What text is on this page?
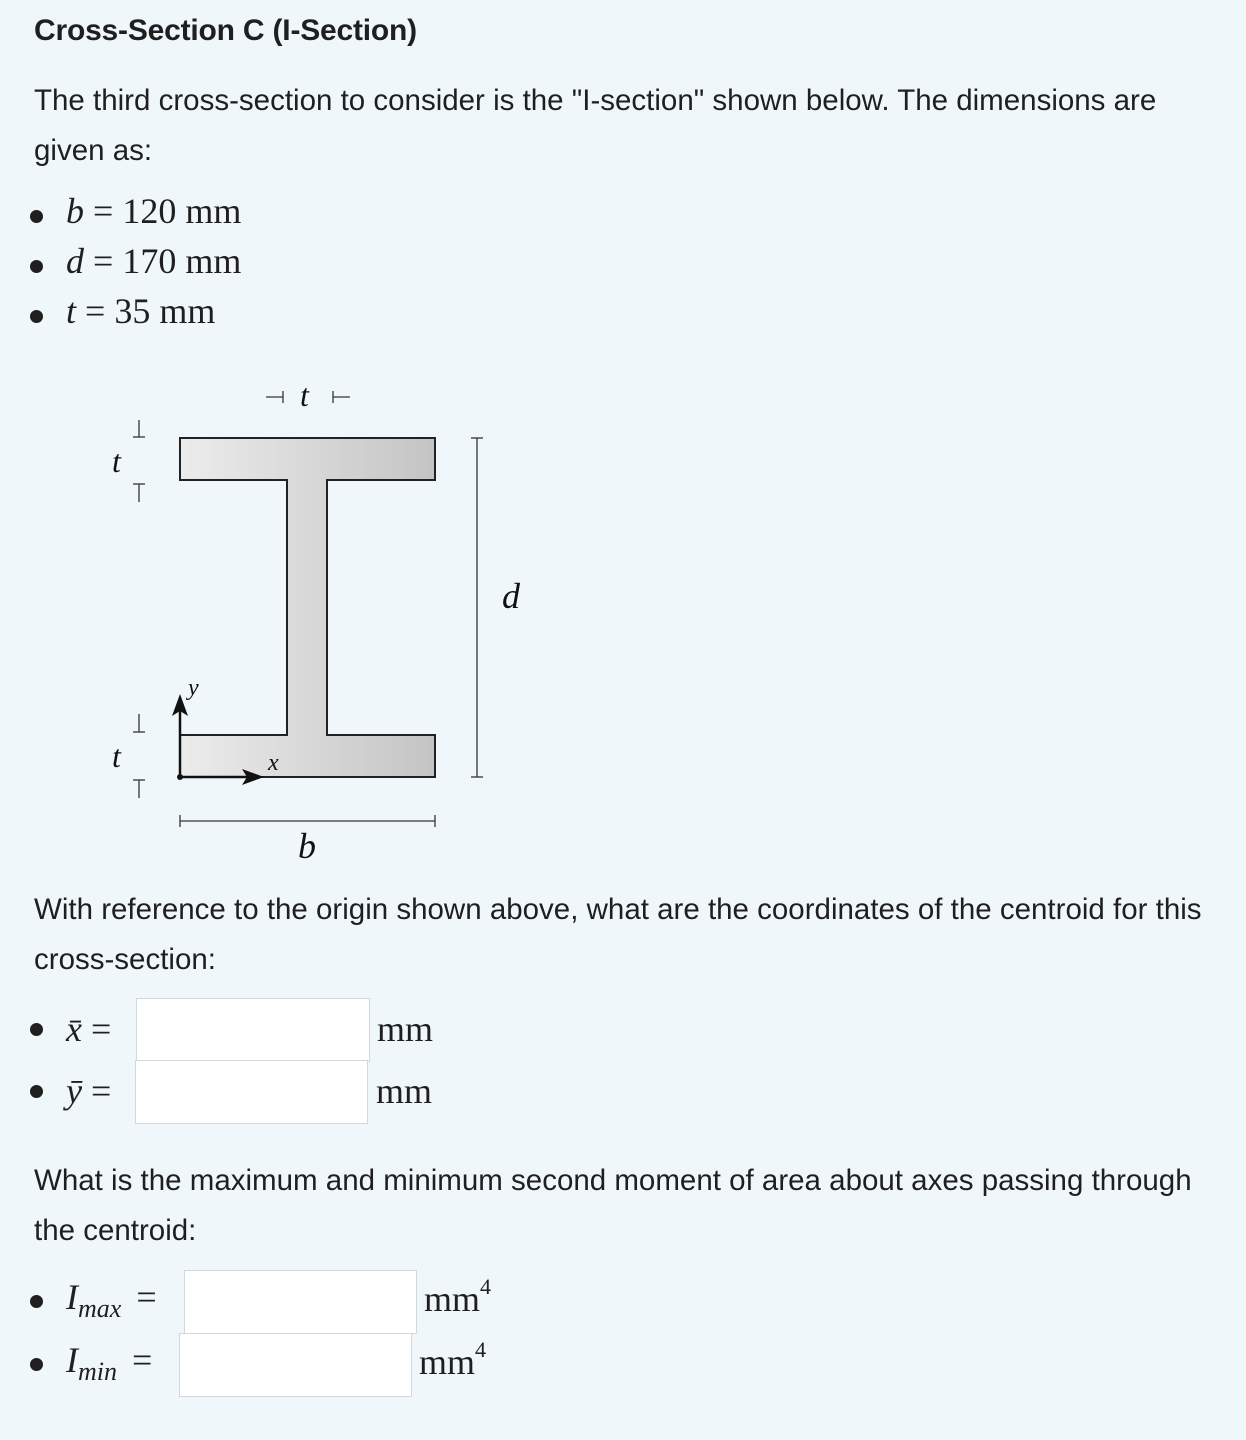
Cross-Section C (I-Section)
The third cross-section to consider is the "I-section" shown below. The dimensions are given as:
b = 120 mm
d = 170 mm
t = 35 mm
t
t
t
d
b
y
x
With reference to the origin shown above, what are the coordinates of the centroid for this cross-section:
x̄ =	mm
ȳ =	mm
What is the maximum and minimum second moment of area about axes passing through the centroid:
$I_{max}$ =	$mm^4$
$I_{min}$ =	$mm^4$
